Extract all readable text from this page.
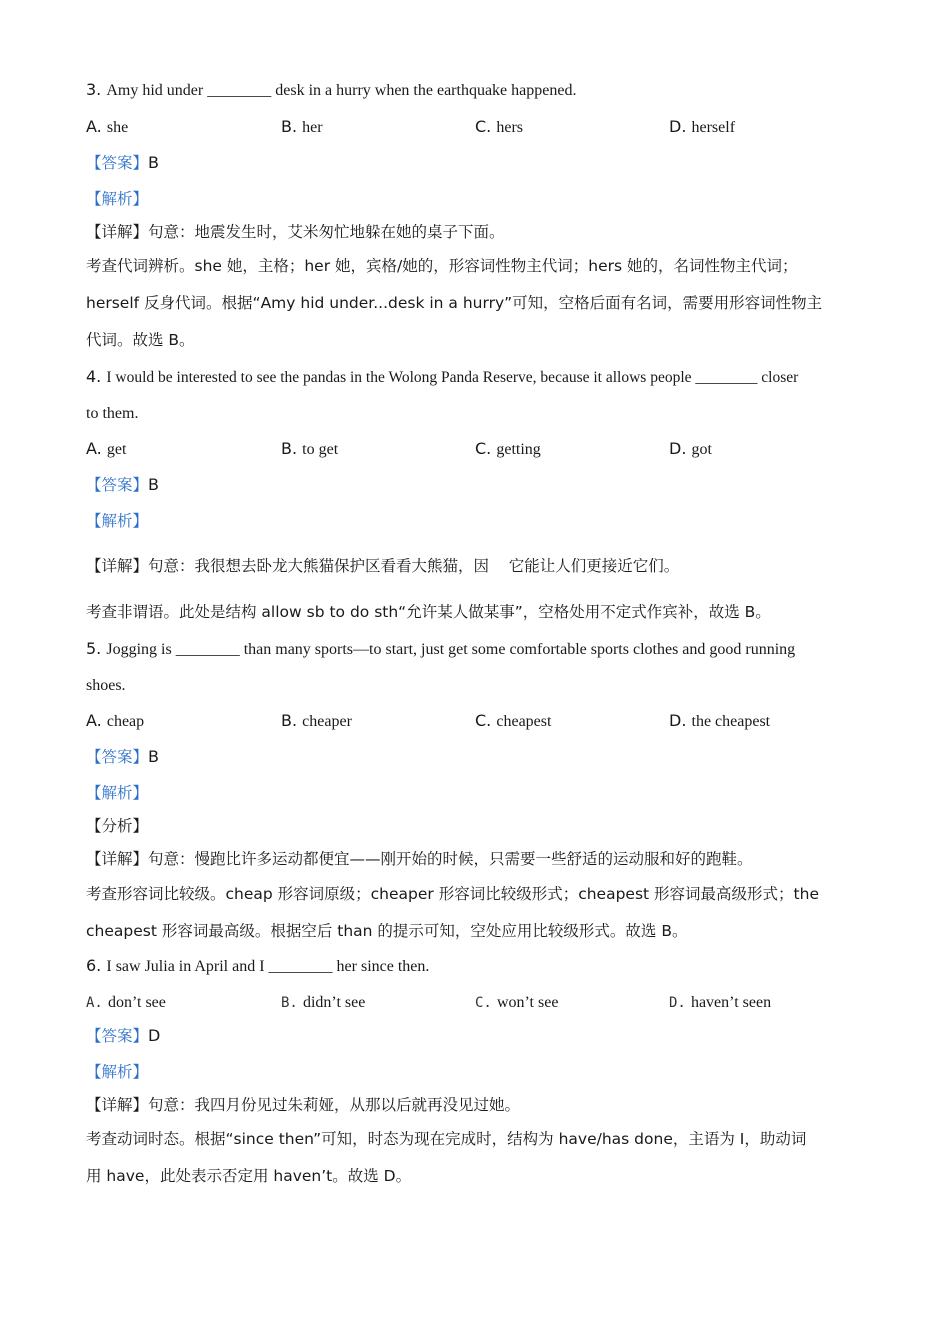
3. Amy hid under ________ desk in a hurry when the earthquake happened.
A. she	B. her	C. hers	D. herself
【答案】B
【解析】
【详解】句意：地震发生时，艾米匆忙地躲在她的桌子下面。
考查代词辨析。she 她，主格；her 她，宾格/她的，形容词性物主代词；hers 她的，名词性物主代词；
herself 反身代词。根据“Amy hid under...desk in a hurry”可知，空格后面有名词，需要用形容词性物主
代词。故选 B。
4. I would be interested to see the pandas in the Wolong Panda Reserve, because it allows people ________ closer
to them.
A. get	B. to get	C. getting	D. got
【答案】B
【解析】
【详解】句意：我很想去卧龙大熊猫保护区看看大熊猫，因    它能让人们更接近它们。
考查非谓语。此处是结构 allow sb to do sth“允许某人做某事”，空格处用不定式作宾补，故选 B。
5. Jogging is ________ than many sports—to start, just get some comfortable sports clothes and good running
shoes.
A. cheap	B. cheaper	C. cheapest	D. the cheapest
【答案】B
【解析】
【分析】
【详解】句意：慢跑比许多运动都便宜——刚开始的时候，只需要一些舒适的运动服和好的跑鞋。
考查形容词比较级。cheap 形容词原级；cheaper 形容词比较级形式；cheapest 形容词最高级形式；the
cheapest 形容词最高级。根据空后 than 的提示可知，空处应用比较级形式。故选 B。
6. I saw Julia in April and I ________ her since then.
A. don’t see	B. didn’t see	C. won’t see	D. haven’t seen
【答案】D
【解析】
【详解】句意：我四月份见过朱莉娅，从那以后就再没见过她。
考查动词时态。根据“since then”可知，时态为现在完成时，结构为 have/has done，主语为 I，助动词
用 have，此处表示否定用 haven’t。故选 D。
